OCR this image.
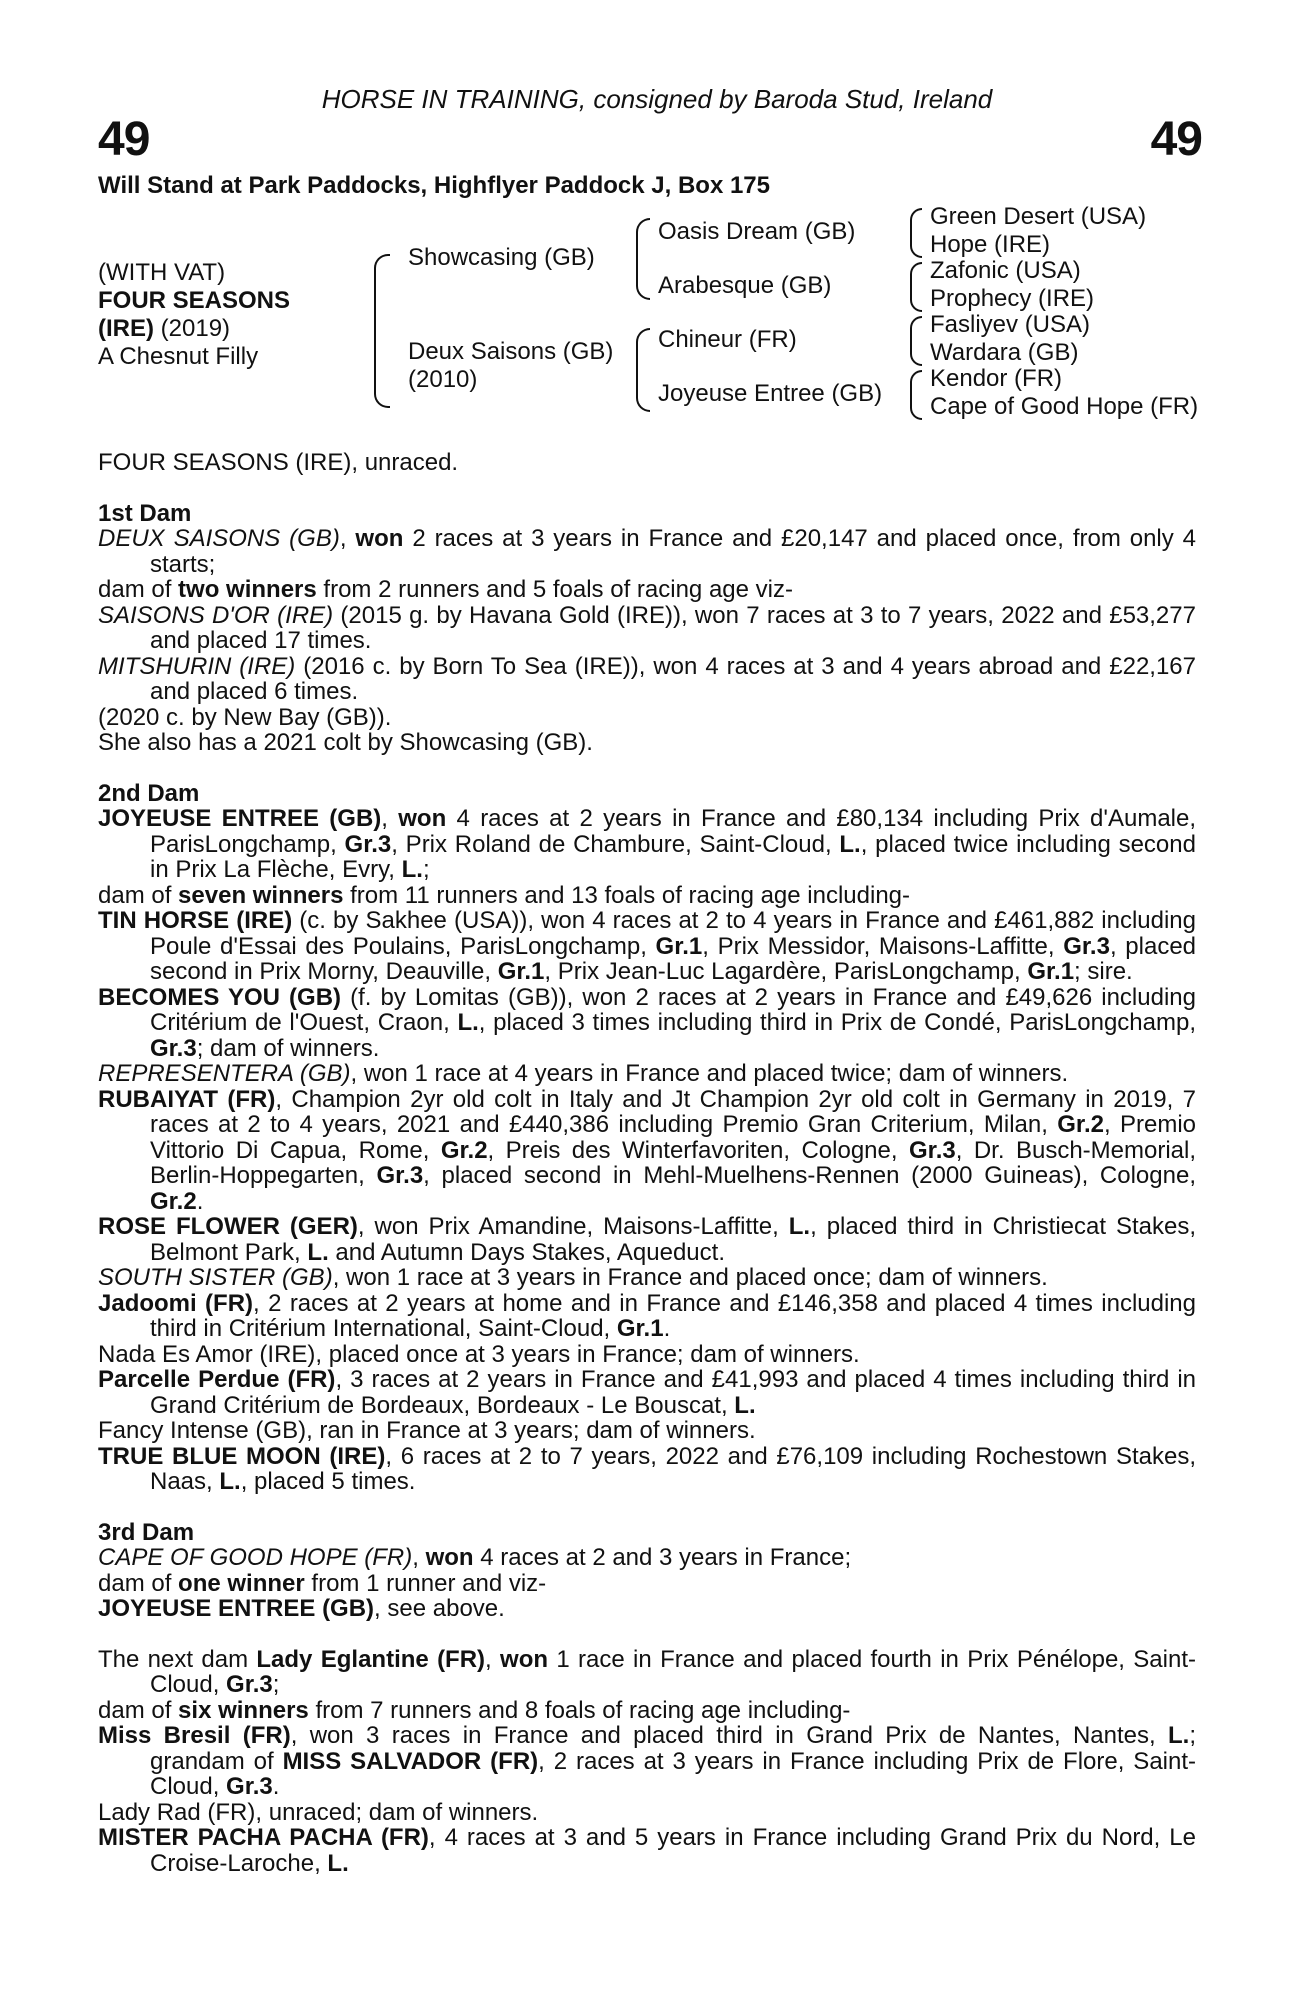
HORSE IN TRAINING, consigned by Baroda Stud, Ireland
49	49
Will Stand at Park Paddocks, Highflyer Paddock J, Box 175
(WITH VAT)
FOUR SEASONS
(IRE) (2019)
A Chesnut Filly
Showcasing (GB)
Deux Saisons (GB)
(2010)
Oasis Dream (GB)
Arabesque (GB)
Chineur (FR)
Joyeuse Entree (GB)
Green Desert (USA)
Hope (IRE)
Zafonic (USA)
Prophecy (IRE)
Fasliyev (USA)
Wardara (GB)
Kendor (FR)
Cape of Good Hope (FR)

FOUR SEASONS (IRE), unraced.

1st Dam

DEUX SAISONS (GB), won 2 races at 3 years in France and £20,147 and placed once, from only 4 starts;

dam of two winners from 2 runners and 5 foals of racing age viz-

SAISONS D'OR (IRE) (2015 g. by Havana Gold (IRE)), won 7 races at 3 to 7 years, 2022 and £53,277 and placed 17 times.

MITSHURIN (IRE) (2016 c. by Born To Sea (IRE)), won 4 races at 3 and 4 years abroad and £22,167 and placed 6 times.

(2020 c. by New Bay (GB)).

She also has a 2021 colt by Showcasing (GB).

2nd Dam

JOYEUSE ENTREE (GB), won 4 races at 2 years in France and £80,134 including Prix d'Aumale, ParisLongchamp, Gr.3, Prix Roland de Chambure, Saint-Cloud, L., placed twice including second in Prix La Flèche, Evry, L.;

dam of seven winners from 11 runners and 13 foals of racing age including-

TIN HORSE (IRE) (c. by Sakhee (USA)), won 4 races at 2 to 4 years in France and £461,882 including Poule d'Essai des Poulains, ParisLongchamp, Gr.1, Prix Messidor, Maisons-Laffitte, Gr.3, placed second in Prix Morny, Deauville, Gr.1, Prix Jean-Luc Lagardère, ParisLongchamp, Gr.1; sire.

BECOMES YOU (GB) (f. by Lomitas (GB)), won 2 races at 2 years in France and £49,626 including Critérium de l'Ouest, Craon, L., placed 3 times including third in Prix de Condé, ParisLongchamp, Gr.3; dam of winners.

REPRESENTERA (GB), won 1 race at 4 years in France and placed twice; dam of winners.

RUBAIYAT (FR), Champion 2yr old colt in Italy and Jt Champion 2yr old colt in Germany in 2019, 7 races at 2 to 4 years, 2021 and £440,386 including Premio Gran Criterium, Milan, Gr.2, Premio Vittorio Di Capua, Rome, Gr.2, Preis des Winterfavoriten, Cologne, Gr.3, Dr. Busch-Memorial, Berlin-Hoppegarten, Gr.3, placed second in Mehl-Muelhens-Rennen (2000 Guineas), Cologne, Gr.2.

ROSE FLOWER (GER), won Prix Amandine, Maisons-Laffitte, L., placed third in Christiecat Stakes, Belmont Park, L. and Autumn Days Stakes, Aqueduct.

SOUTH SISTER (GB), won 1 race at 3 years in France and placed once; dam of winners.

Jadoomi (FR), 2 races at 2 years at home and in France and £146,358 and placed 4 times including third in Critérium International, Saint-Cloud, Gr.1.

Nada Es Amor (IRE), placed once at 3 years in France; dam of winners.

Parcelle Perdue (FR), 3 races at 2 years in France and £41,993 and placed 4 times including third in Grand Critérium de Bordeaux, Bordeaux - Le Bouscat, L.

Fancy Intense (GB), ran in France at 3 years; dam of winners.

TRUE BLUE MOON (IRE), 6 races at 2 to 7 years, 2022 and £76,109 including Rochestown Stakes, Naas, L., placed 5 times.

3rd Dam

CAPE OF GOOD HOPE (FR), won 4 races at 2 and 3 years in France;

dam of one winner from 1 runner and viz-

JOYEUSE ENTREE (GB), see above.

The next dam Lady Eglantine (FR), won 1 race in France and placed fourth in Prix Pénélope, Saint-Cloud, Gr.3;

dam of six winners from 7 runners and 8 foals of racing age including-

Miss Bresil (FR), won 3 races in France and placed third in Grand Prix de Nantes, Nantes, L.; grandam of MISS SALVADOR (FR), 2 races at 3 years in France including Prix de Flore, Saint-Cloud, Gr.3.

Lady Rad (FR), unraced; dam of winners.

MISTER PACHA PACHA (FR), 4 races at 3 and 5 years in France including Grand Prix du Nord, Le Croise-Laroche, L.
